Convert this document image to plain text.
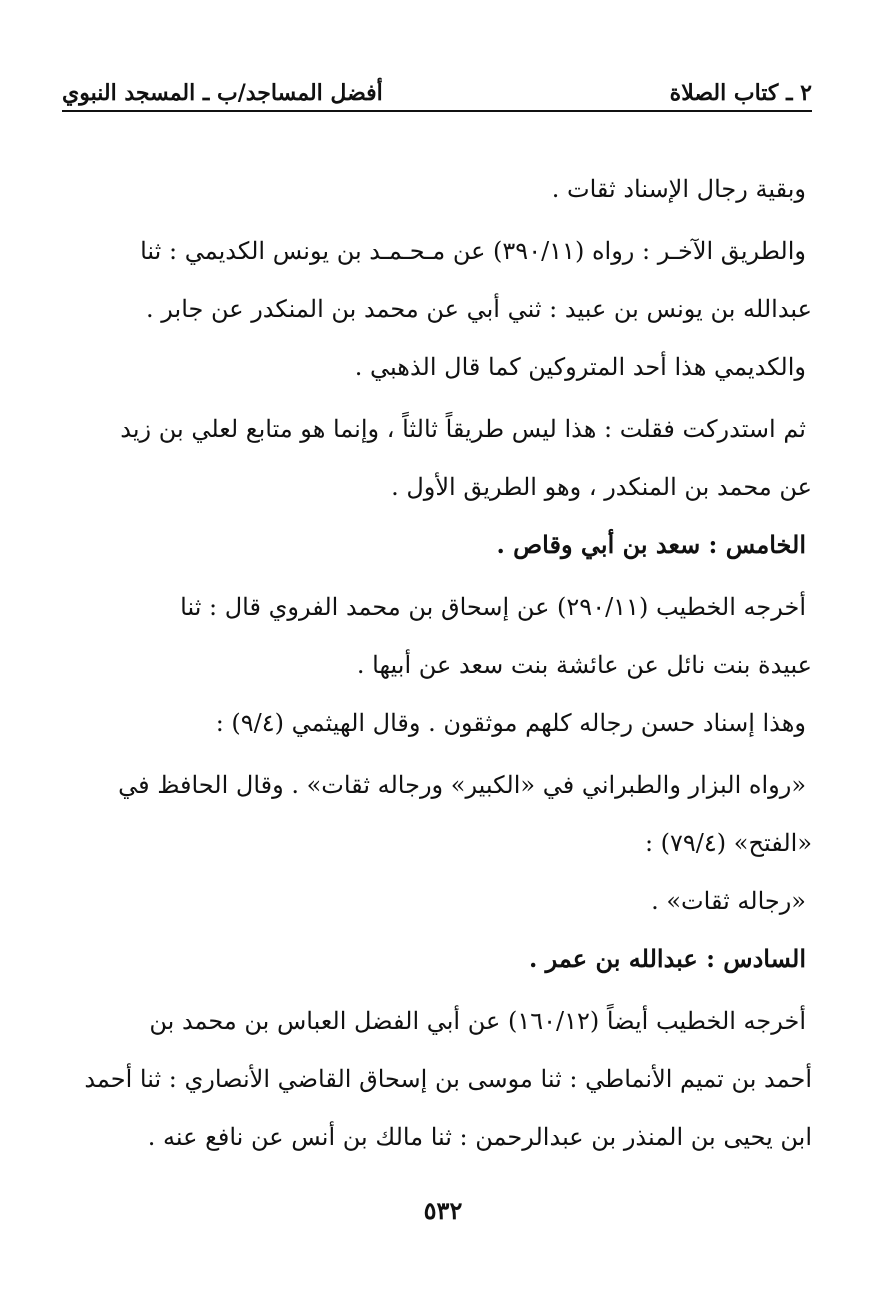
٢ ـ كتاب الصلاة
أفضل المساجد/ب ـ المسجد النبوي
وبقية رجال الإسناد ثقات .
والطريق الآخـر : رواه (٣٩٠/١١) عن مـحـمـد بن يونس الكديمي : ثنا
عبدالله بن يونس بن عبيد : ثني أبي عن محمد بن المنكدر عن جابر .
والكديمي هذا أحد المتروكين كما قال الذهبي .
ثم استدركت فقلت : هذا ليس طريقاً ثالثاً ، وإنما هو متابع لعلي بن زيد
عن محمد بن المنكدر ، وهو الطريق الأول .
الخامس : سعد بن أبي وقاص .
أخرجه الخطيب (٢٩٠/١١) عن إسحاق بن محمد الفروي قال : ثنا
عبيدة بنت نائل عن عائشة بنت سعد عن أبيها .
وهذا إسناد حسن رجاله كلهم موثقون . وقال الهيثمي (٩/٤) :
«رواه البزار والطبراني في «الكبير» ورجاله ثقات» . وقال الحافظ في
«الفتح» (٧٩/٤) :
«رجاله ثقات» .
السادس : عبدالله بن عمر .
أخرجه الخطيب أيضاً (١٦٠/١٢) عن أبي الفضل العباس بن محمد بن
أحمد بن تميم الأنماطي : ثنا موسى بن إسحاق القاضي الأنصاري : ثنا أحمد
ابن يحيى بن المنذر بن عبدالرحمن : ثنا مالك بن أنس عن نافع عنه .
٥٣٢
